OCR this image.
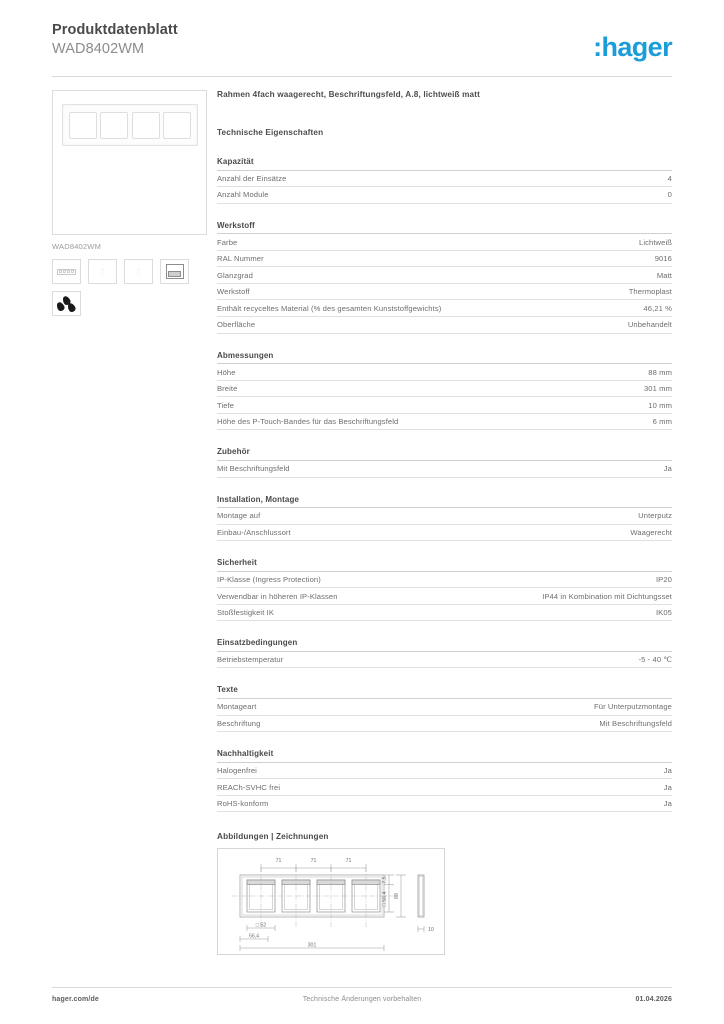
Produktdatenblatt
WAD8402WM	:hager
WAD8402WM
▯	▯
Rahmen 4fach waagerecht, Beschriftungsfeld, A.8, lichtweiß matt
Technische Eigenschaften
Kapazität
Anzahl der Einsätze	4
Anzahl Module	0
Werkstoff
Farbe	Lichtweiß
RAL Nummer	9016
Glanzgrad	Matt
Werkstoff	Thermoplast
Enthält recyceltes Material (% des gesamten Kunststoffgewichts)	46,21 %
Oberfläche	Unbehandelt
Abmessungen
Höhe	88 mm
Breite	301 mm
Tiefe	10 mm
Höhe des P-Touch-Bandes für das Beschriftungsfeld	6 mm
Zubehör
Mit Beschriftungsfeld	Ja
Installation, Montage
Montage auf	Unterputz
Einbau-/Anschlussort	Waagerecht
Sicherheit
IP-Klasse (Ingress Protection)	IP20
Verwendbar in höheren IP-Klassen	IP44 in Kombination mit Dichtungsset
Stoßfestigkeit IK	IK05
Einsatzbedingungen
Betriebstemperatur	-5 - 40 ℃
Texte
Montageart	Für Unterputzmontage
Beschriftung	Mit Beschriftungsfeld
Nachhaltigkeit
Halogenfrei	Ja
REACh-SVHC frei	Ja
RoHS-konform	Ja
Abbildungen | Zeichnungen
71	71	71
7,5
□ 56,4 88
□ 52
56,4
301
10
hager.com/de	Technische Änderungen vorbehalten	01.04.2026
